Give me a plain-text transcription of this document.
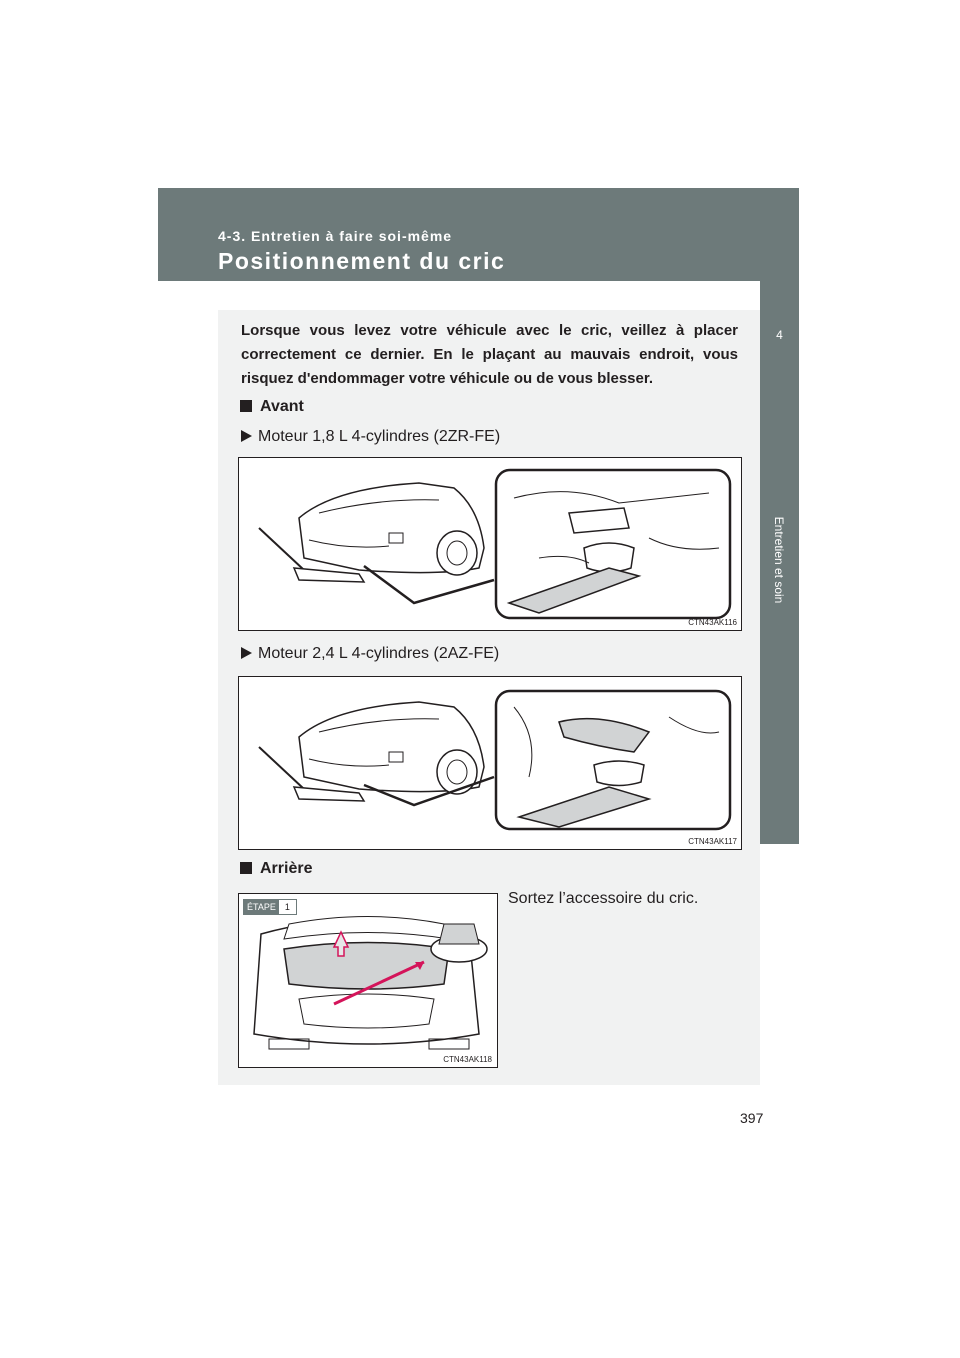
4-3. Entretien à faire soi-même
Positionnement du cric
4
Entretien et soin

Lorsque vous levez votre véhicule avec le cric, veillez à placer correctement ce dernier. En le plaçant au mauvais endroit, vous risquez d'endommager votre véhicule ou de vous blesser.

Avant
Moteur 1,8 L 4-cylindres (2ZR-FE)
CTN43AK116
Moteur 2,4 L 4-cylindres (2AZ-FE)
CTN43AK117
Arrière
ÉTAPE	1
CTN43AK118
Sortez l’accessoire du cric.
397
